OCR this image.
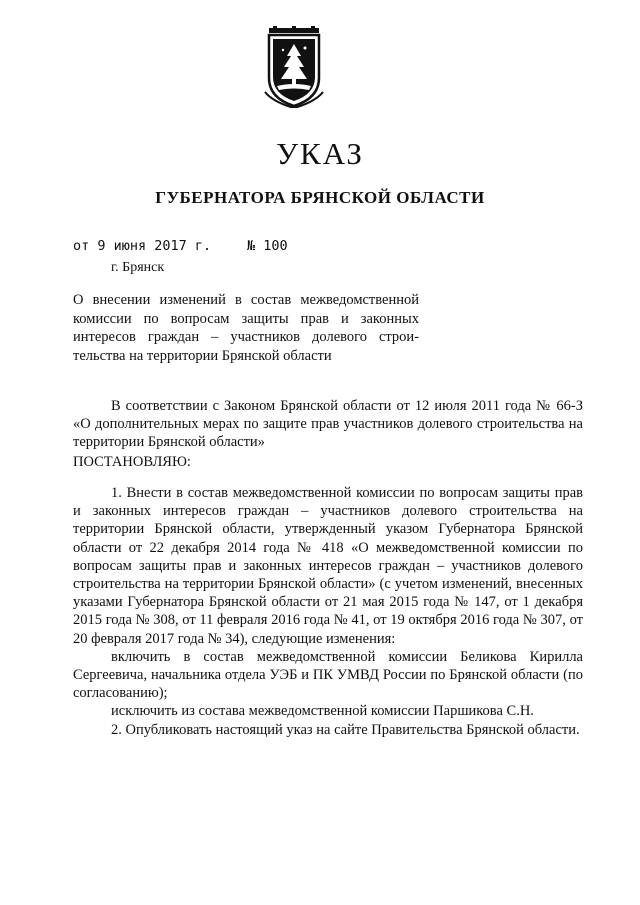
УКАЗ
ГУБЕРНАТОРА БРЯНСКОЙ ОБЛАСТИ
от 9 июня 2017 г.	№ 100
г. Брянск
О внесении изменений в состав межведомственной
комиссии по вопросам защиты прав и законных
интересов граждан – участников долевого строи-
тельства на территории Брянской области

В соответствии с Законом Брянской области от 12 июля 2011 года № 66-З «О дополнительных мерах по защите прав участников долевого строительства на территории Брянской области»

ПОСТАНОВЛЯЮ:

1. Внести в состав межведомственной комиссии по вопросам защиты прав и законных интересов граждан – участников долевого строительства на территории Брянской области, утвержденный указом Губернатора Брянской области от 22 декабря 2014 года № 418 «О межведомственной комиссии по вопросам защиты прав и законных интересов граждан – участников долевого строительства на территории Брянской области» (с учетом изменений, внесенных указами Губернатора Брянской области от 21 мая 2015 года № 147, от 1 декабря 2015 года № 308, от 11 февраля 2016 года № 41, от 19 октября 2016 года № 307, от 20 февраля 2017 года № 34), следующие изменения:

включить в состав межведомственной комиссии Беликова Кирилла Сергеевича, начальника отдела УЭБ и ПК УМВД России по Брянской области (по согласованию);

исключить из состава межведомственной комиссии Паршикова С.Н.

2. Опубликовать настоящий указ на сайте Правительства Брянской области.
